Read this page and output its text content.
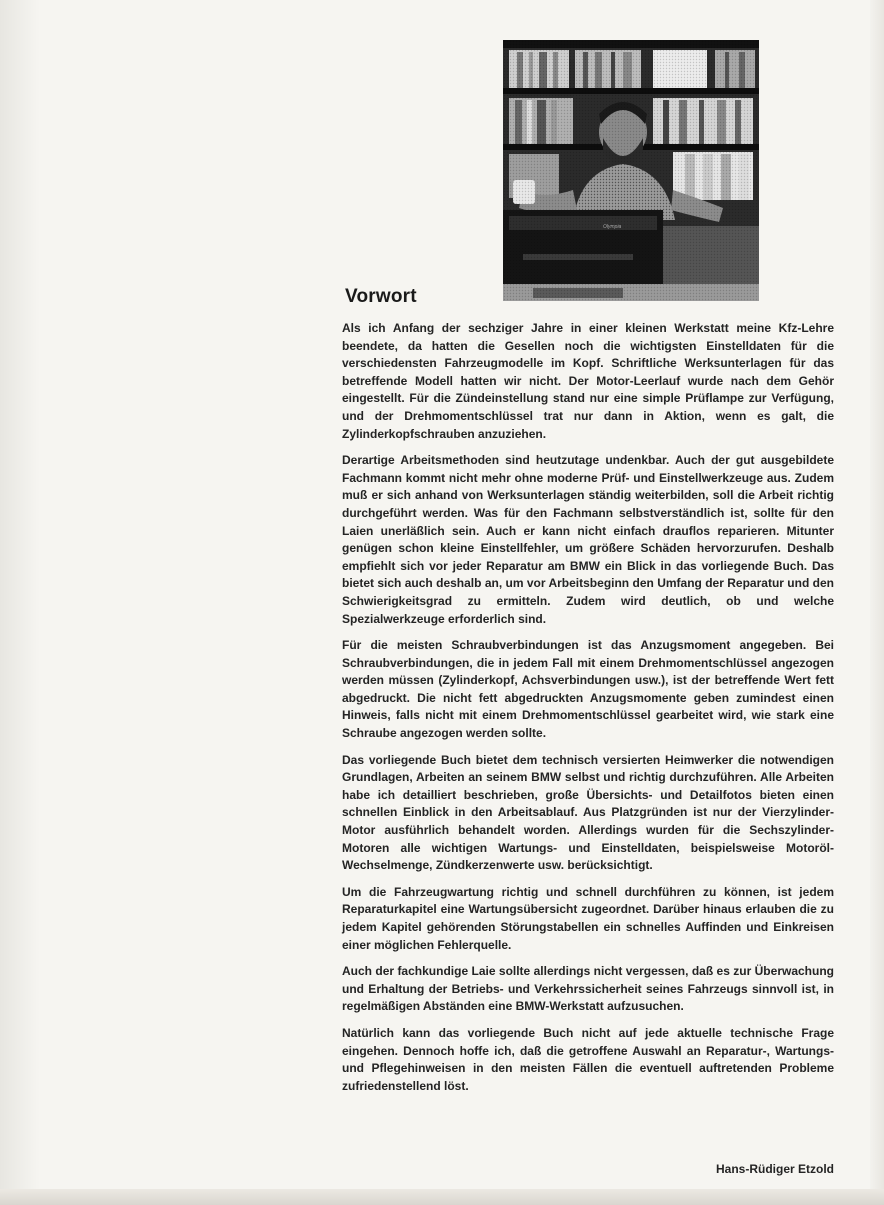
Vorwort

Als ich Anfang der sechziger Jahre in einer kleinen Werkstatt meine Kfz-Lehre beendete, da hatten die Gesellen noch die wichtigsten Einstelldaten für die verschiedensten Fahrzeugmodelle im Kopf. Schriftliche Werksunterlagen für das betreffende Modell hatten wir nicht. Der Motor-Leerlauf wurde nach dem Gehör eingestellt. Für die Zündeinstellung stand nur eine simple Prüflampe zur Verfügung, und der Drehmomentschlüssel trat nur dann in Aktion, wenn es galt, die Zylinderkopfschrauben anzuziehen.

Derartige Arbeitsmethoden sind heutzutage undenkbar. Auch der gut ausgebildete Fachmann kommt nicht mehr ohne moderne Prüf- und Einstellwerkzeuge aus. Zudem muß er sich anhand von Werksunterlagen ständig weiterbilden, soll die Arbeit richtig durchgeführt werden. Was für den Fachmann selbstverständlich ist, sollte für den Laien unerläßlich sein. Auch er kann nicht einfach drauflos reparieren. Mitunter genügen schon kleine Einstellfehler, um größere Schäden hervorzurufen. Deshalb empfiehlt sich vor jeder Reparatur am BMW ein Blick in das vorliegende Buch. Das bietet sich auch deshalb an, um vor Arbeitsbeginn den Umfang der Reparatur und den Schwierigkeitsgrad zu ermitteln. Zudem wird deutlich, ob und welche Spezialwerkzeuge erforderlich sind.

Für die meisten Schraubverbindungen ist das Anzugsmoment angegeben. Bei Schraubverbindungen, die in jedem Fall mit einem Drehmomentschlüssel angezogen werden müssen (Zylinderkopf, Achsverbindungen usw.), ist der betreffende Wert fett abgedruckt. Die nicht fett abgedruckten Anzugsmomente geben zumindest einen Hinweis, falls nicht mit einem Drehmomentschlüssel gearbeitet wird, wie stark eine Schraube angezogen werden sollte.

Das vorliegende Buch bietet dem technisch versierten Heimwerker die notwendigen Grundlagen, Arbeiten an seinem BMW selbst und richtig durchzuführen. Alle Arbeiten habe ich detailliert beschrieben, große Übersichts- und Detailfotos bieten einen schnellen Einblick in den Arbeitsablauf. Aus Platzgründen ist nur der Vierzylinder-Motor ausführlich behandelt worden. Allerdings wurden für die Sechszylinder-Motoren alle wichtigen Wartungs- und Einstelldaten, beispielsweise Motoröl-Wechselmenge, Zündkerzenwerte usw. berücksichtigt.

Um die Fahrzeugwartung richtig und schnell durchführen zu können, ist jedem Reparaturkapitel eine Wartungsübersicht zugeordnet. Darüber hinaus erlauben die zu jedem Kapitel gehörenden Störungstabellen ein schnelles Auffinden und Einkreisen einer möglichen Fehlerquelle.

Auch der fachkundige Laie sollte allerdings nicht vergessen, daß es zur Überwachung und Erhaltung der Betriebs- und Verkehrssicherheit seines Fahrzeugs sinnvoll ist, in regelmäßigen Abständen eine BMW-Werkstatt aufzusuchen.

Natürlich kann das vorliegende Buch nicht auf jede aktuelle technische Frage eingehen. Dennoch hoffe ich, daß die getroffene Auswahl an Reparatur-, Wartungs- und Pflegehinweisen in den meisten Fällen die eventuell auftretenden Probleme zufriedenstellend löst.

Hans-Rüdiger Etzold
